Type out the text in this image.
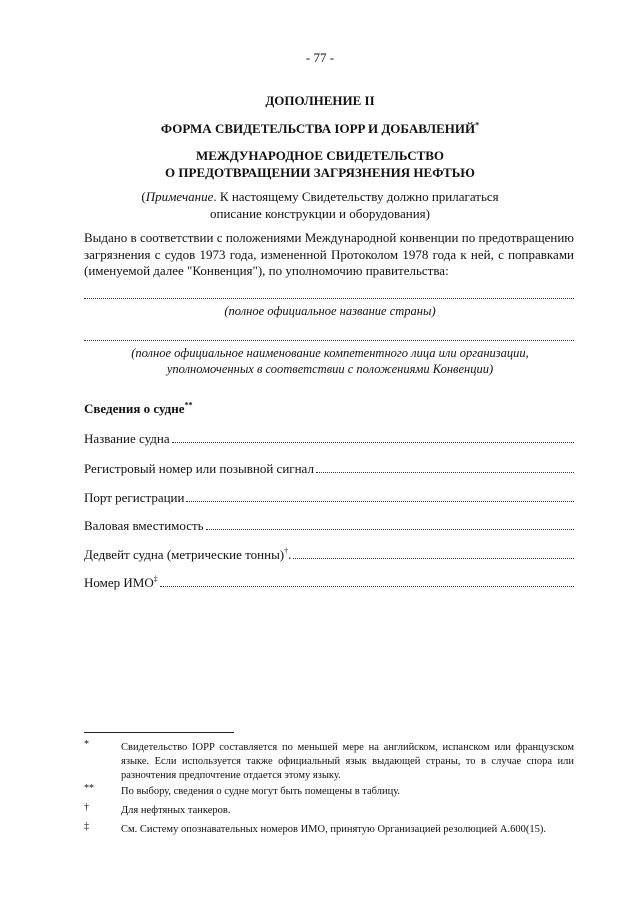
- 77 -
ДОПОЛНЕНИЕ II
ФОРМА СВИДЕТЕЛЬСТВА IOPP И ДОБАВЛЕНИЙ*
МЕЖДУНАРОДНОЕ СВИДЕТЕЛЬСТВО
О ПРЕДОТВРАЩЕНИИ ЗАГРЯЗНЕНИЯ НЕФТЬЮ
(Примечание. К настоящему Свидетельству должно прилагаться
описание конструкции и оборудования)
Выдано в соответствии с положениями Международной конвенции по предотвращению загрязнения с судов 1973 года, измененной Протоколом 1978 года к ней, с поправками (именуемой далее "Конвенция"), по уполномочию правительства:
(полное официальное название страны)
(полное официальное наименование компетентного лица или организации,
уполномоченных в соответствии с положениями Конвенции)
Сведения о судне**
Название судна
Регистровый номер или позывной сигнал
Порт регистрации
Валовая вместимость
Дедвейт судна (метрические тонны)†.
Номер ИМО‡
*	Свидетельство IOPP составляется по меньшей мере на английском, испанском или французском языке. Если используется также официальный язык выдающей страны, то в случае спора или разночтения предпочтение отдается этому языку.
**	По выбору, сведения о судне могут быть помещены в таблицу.
†	Для нефтяных танкеров.
‡	См. Систему опознавательных номеров ИМО, принятую Организацией резолюцией А.600(15).
